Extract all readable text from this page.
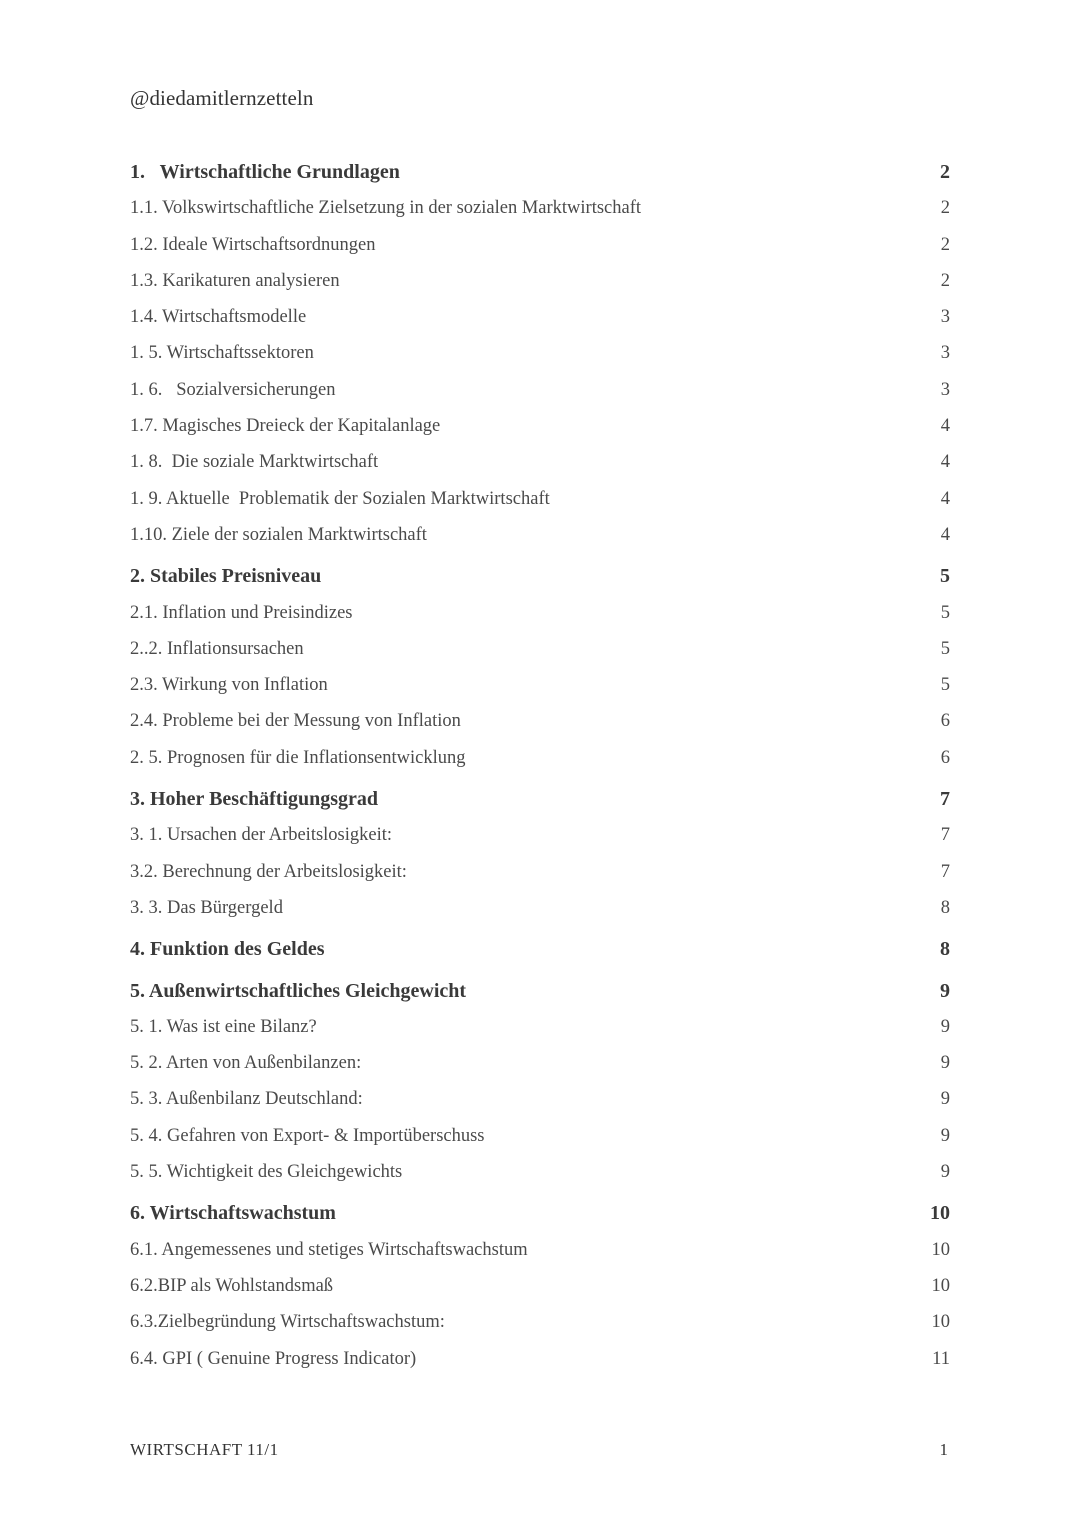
@diedamitlernzetteln
1.   Wirtschaftliche Grundlagen	2
1.1. Volkswirtschaftliche Zielsetzung in der sozialen Marktwirtschaft	2
1.2. Ideale Wirtschaftsordnungen	2
1.3. Karikaturen analysieren	2
1.4. Wirtschaftsmodelle	3
1. 5. Wirtschaftssektoren	3
1. 6.   Sozialversicherungen	3
1.7. Magisches Dreieck der Kapitalanlage	4
1. 8.  Die soziale Marktwirtschaft	4
1. 9. Aktuelle  Problematik der Sozialen Marktwirtschaft	4
1.10. Ziele der sozialen Marktwirtschaft	4
2. Stabiles Preisniveau	5
2.1. Inflation und Preisindizes	5
2..2. Inflationsursachen	5
2.3. Wirkung von Inflation	5
2.4. Probleme bei der Messung von Inflation	6
2. 5. Prognosen für die Inflationsentwicklung	6
3. Hoher Beschäftigungsgrad	7
3. 1. Ursachen der Arbeitslosigkeit:	7
3.2. Berechnung der Arbeitslosigkeit:	7
3. 3. Das Bürgergeld	8
4. Funktion des Geldes	8
5. Außenwirtschaftliches Gleichgewicht	9
5. 1. Was ist eine Bilanz?	9
5. 2. Arten von Außenbilanzen:	9
5. 3. Außenbilanz Deutschland:	9
5. 4. Gefahren von Export- & Importüberschuss	9
5. 5. Wichtigkeit des Gleichgewichts	9
6. Wirtschaftswachstum	10
6.1. Angemessenes und stetiges Wirtschaftswachstum	10
6.2.BIP als Wohlstandsmaß	10
6.3.Zielbegründung Wirtschaftswachstum:	10
6.4. GPI ( Genuine Progress Indicator)	11
WIRTSCHAFT 11/1	1
